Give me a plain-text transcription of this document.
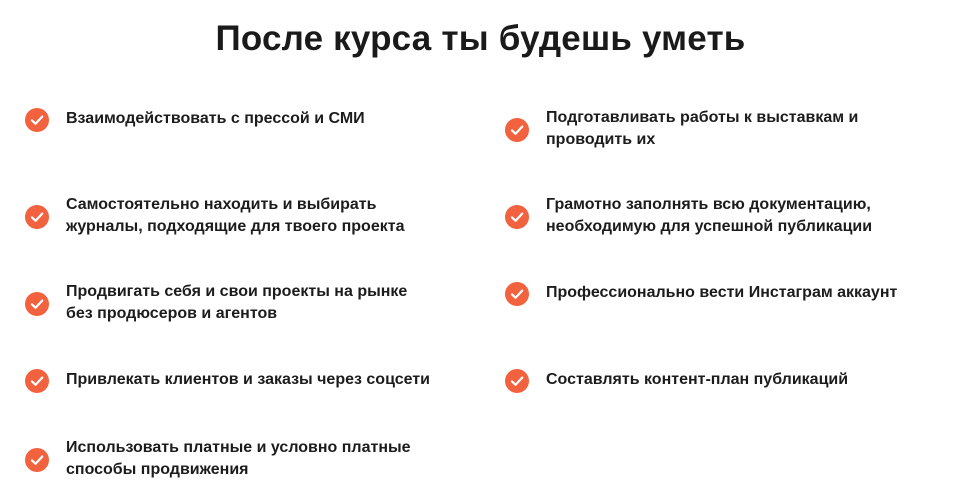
После курса ты будешь уметь
Взаимодействовать с прессой и СМИ
Самостоятельно находить и выбирать
журналы, подходящие для твоего проекта
Продвигать себя и свои проекты на рынке
без продюсеров и агентов
Привлекать клиентов и заказы через соцсети
Использовать платные и условно платные
способы продвижения
Подготавливать работы к выставкам и
проводить их
Грамотно заполнять всю документацию,
необходимую для успешной публикации
Профессионально вести Инстаграм аккаунт
Составлять контент-план публикаций
